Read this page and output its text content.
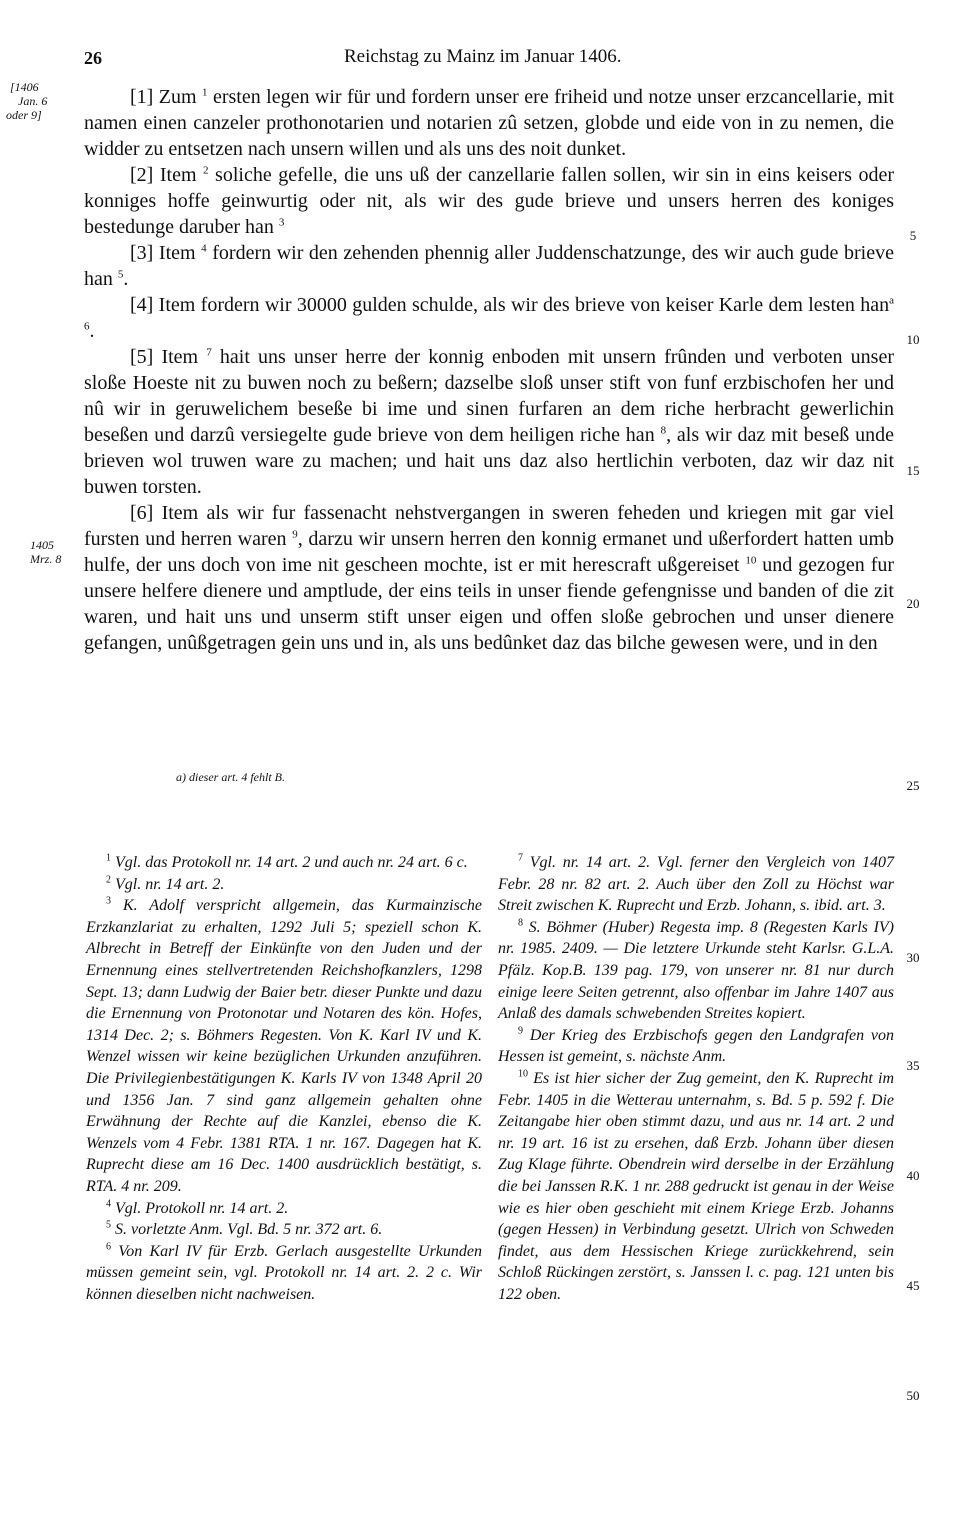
26	Reichstag zu Mainz im Januar 1406.
[1406
Jan. 6
oder 9]
1405
Mrz. 8
5
10
15
20
25
30
35
40
45
50

[1] Zum $^1$ ersten legen wir für und fordern unser ere friheid und notze unser erzcancellarie, mit namen einen canzeler prothonotarien und notarien zû setzen, globde und eide von in zu nemen, die widder zu entsetzen nach unsern willen und als uns des noit dunket.

[2] Item $^2$ soliche gefelle, die uns uß der canzellarie fallen sollen, wir sin in eins keisers oder konniges hoffe geinwurtig oder nit, als wir des gude brieve und unsers herren des koniges bestedunge daruber han $^3$

[3] Item $^4$ fordern wir den zehenden phennig aller Juddenschatzunge, des wir auch gude brieve han $^5$.

[4] Item fordern wir 30000 gulden schulde, als wir des brieve von keiser Karle dem lesten han$^{a 6}$.

[5] Item $^7$ hait uns unser herre der konnig enboden mit unsern frûnden und verboten unser sloße Hoeste nit zu buwen noch zu beßern; dazselbe sloß unser stift von funf erzbischofen her und nû wir in geruwelichem beseße bi ime und sinen furfaren an dem riche herbracht gewerlichin beseßen und darzû versiegelte gude brieve von dem heiligen riche han $^8$, als wir daz mit beseß unde brieven wol truwen ware zu machen; und hait uns daz also hertlichin verboten, daz wir daz nit buwen torsten.

[6] Item als wir fur fassenacht nehstvergangen in sweren feheden und kriegen mit gar viel fursten und herren waren $^9$, darzu wir unsern herren den konnig ermanet und ußerfordert hatten umb hulfe, der uns doch von ime nit gescheen mochte, ist er mit herescraft ußgereiset $^{10}$ und gezogen fur unsere helfere dienere und amptlude, der eins teils in unser fiende gefengnisse und banden of die zit waren, und hait uns und unserm stift unser eigen und offen sloße gebrochen und unser dienere gefangen, unûßgetragen gein uns und in, als uns bedûnket daz das bilche gewesen were, und in den

a) dieser art. 4 fehlt B.

$^1$ Vgl. das Protokoll nr. 14 art. 2 und auch nr. 24 art. 6 c.

$^2$ Vgl. nr. 14 art. 2.

$^3$ K. Adolf verspricht allgemein, das Kurmainzische Erzkanzlariat zu erhalten, 1292 Juli 5; speziell schon K. Albrecht in Betreff der Einkünfte von den Juden und der Ernennung eines stellvertretenden Reichshofkanzlers, 1298 Sept. 13; dann Ludwig der Baier betr. dieser Punkte und dazu die Ernennung von Protonotar und Notaren des kön. Hofes, 1314 Dec. 2; s. Böhmers Regesten. Von K. Karl IV und K. Wenzel wissen wir keine bezüglichen Urkunden anzuführen. Die Privilegienbestätigungen K. Karls IV von 1348 April 20 und 1356 Jan. 7 sind ganz allgemein gehalten ohne Erwähnung der Rechte auf die Kanzlei, ebenso die K. Wenzels vom 4 Febr. 1381 RTA. 1 nr. 167. Dagegen hat K. Ruprecht diese am 16 Dec. 1400 ausdrücklich bestätigt, s. RTA. 4 nr. 209.

$^4$ Vgl. Protokoll nr. 14 art. 2.

$^5$ S. vorletzte Anm. Vgl. Bd. 5 nr. 372 art. 6.

$^6$ Von Karl IV für Erzb. Gerlach ausgestellte Urkunden müssen gemeint sein, vgl. Protokoll nr. 14 art. 2. 2 c. Wir können dieselben nicht nachweisen.

$^7$ Vgl. nr. 14 art. 2. Vgl. ferner den Vergleich von 1407 Febr. 28 nr. 82 art. 2. Auch über den Zoll zu Höchst war Streit zwischen K. Ruprecht und Erzb. Johann, s. ibid. art. 3.

$^8$ S. Böhmer (Huber) Regesta imp. 8 (Regesten Karls IV) nr. 1985. 2409. — Die letztere Urkunde steht Karlsr. G.L.A. Pfälz. Kop.B. 139 pag. 179, von unserer nr. 81 nur durch einige leere Seiten getrennt, also offenbar im Jahre 1407 aus Anlaß des damals schwebenden Streites kopiert.

$^9$ Der Krieg des Erzbischofs gegen den Landgrafen von Hessen ist gemeint, s. nächste Anm.

$^{10}$ Es ist hier sicher der Zug gemeint, den K. Ruprecht im Febr. 1405 in die Wetterau unternahm, s. Bd. 5 p. 592 f. Die Zeitangabe hier oben stimmt dazu, und aus nr. 14 art. 2 und nr. 19 art. 16 ist zu ersehen, daß Erzb. Johann über diesen Zug Klage führte. Obendrein wird derselbe in der Erzählung die bei Janssen R.K. 1 nr. 288 gedruckt ist genau in der Weise wie es hier oben geschieht mit einem Kriege Erzb. Johanns (gegen Hessen) in Verbindung gesetzt. Ulrich von Schweden findet, aus dem Hessischen Kriege zurückkehrend, sein Schloß Rückingen zerstört, s. Janssen l. c. pag. 121 unten bis 122 oben.
